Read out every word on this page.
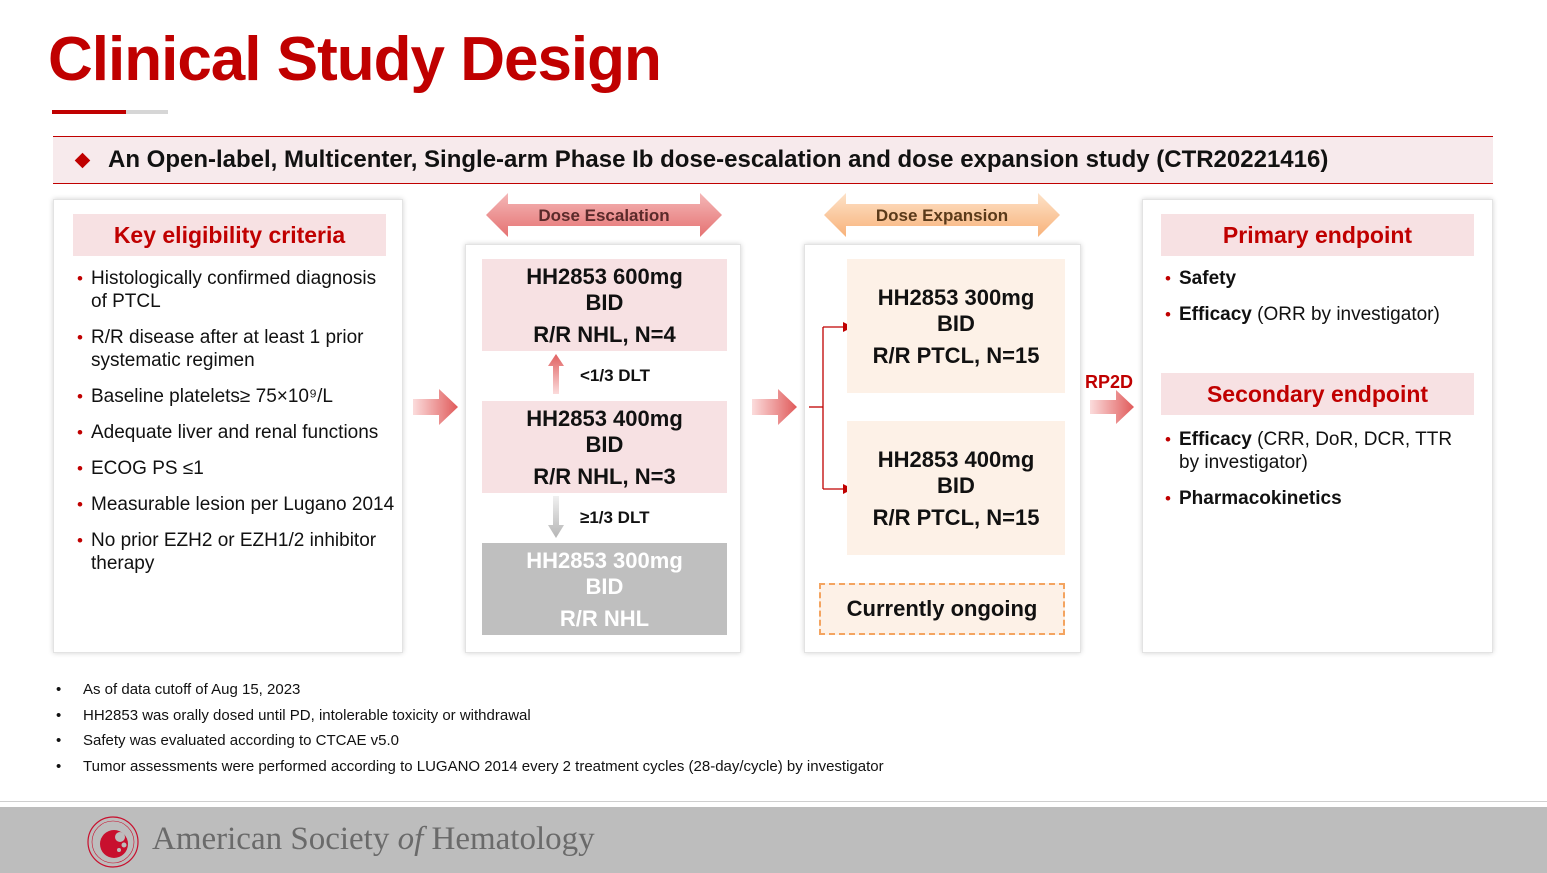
Clinical Study Design
An Open-label, Multicenter, Single-arm Phase Ib dose-escalation and dose expansion study (CTR20221416)
Key eligibility criteria
• Histologically confirmed diagnosis of PTCL
• R/R disease after at least 1 prior systematic regimen
• Baseline platelets≥ 75×10⁹/L
• Adequate liver and renal functions
• ECOG PS ≤1
• Measurable lesion per Lugano 2014
• No prior EZH2 or EZH1/2 inhibitor therapy
Dose Escalation
HH2853 600mg
BID
R/R NHL, N=4
<1/3 DLT
HH2853 400mg
BID
R/R NHL, N=3
≥1/3 DLT
HH2853 300mg
BID
R/R NHL
Dose Expansion
HH2853 300mg
BID
R/R PTCL, N=15
HH2853 400mg
BID
R/R PTCL, N=15
Currently ongoing
RP2D
Primary endpoint
• Safety
• Efficacy (ORR by investigator)
Secondary endpoint
• Efficacy (CRR, DoR, DCR, TTR by investigator)
• Pharmacokinetics
• As of data cutoff of Aug 15, 2023
• HH2853 was orally dosed until PD, intolerable toxicity or withdrawal
• Safety was evaluated according to CTCAE v5.0
• Tumor assessments were performed according to LUGANO 2014 every 2 treatment cycles (28-day/cycle) by investigator
American Society of Hematology
